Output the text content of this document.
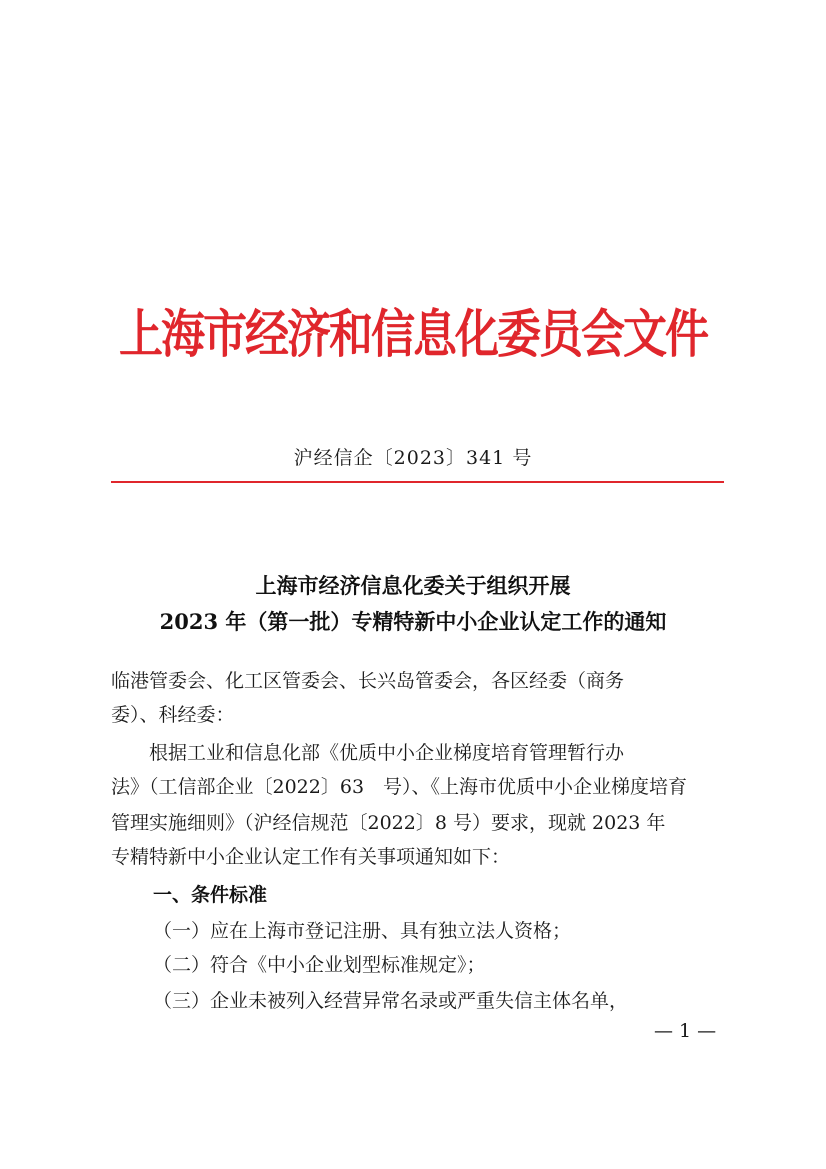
上海市经济和信息化委员会文件
沪经信企〔2023〕341 号
上海市经济信息化委关于组织开展
2023 年（第一批）专精特新中小企业认定工作的通知
临港管委会、化工区管委会、长兴岛管委会，各区经委（商务
委）、科经委：
　　根据工业和信息化部《优质中小企业梯度培育管理暂行办
法》（工信部企业〔2022〕63　号）、《上海市优质中小企业梯度培育
管理实施细则》（沪经信规范〔2022〕8 号）要求，现就 2023 年
专精特新中小企业认定工作有关事项通知如下：
一、条件标准
（一）应在上海市登记注册、具有独立法人资格；
（二）符合《中小企业划型标准规定》；
（三）企业未被列入经营异常名录或严重失信主体名单，
— 1 —
